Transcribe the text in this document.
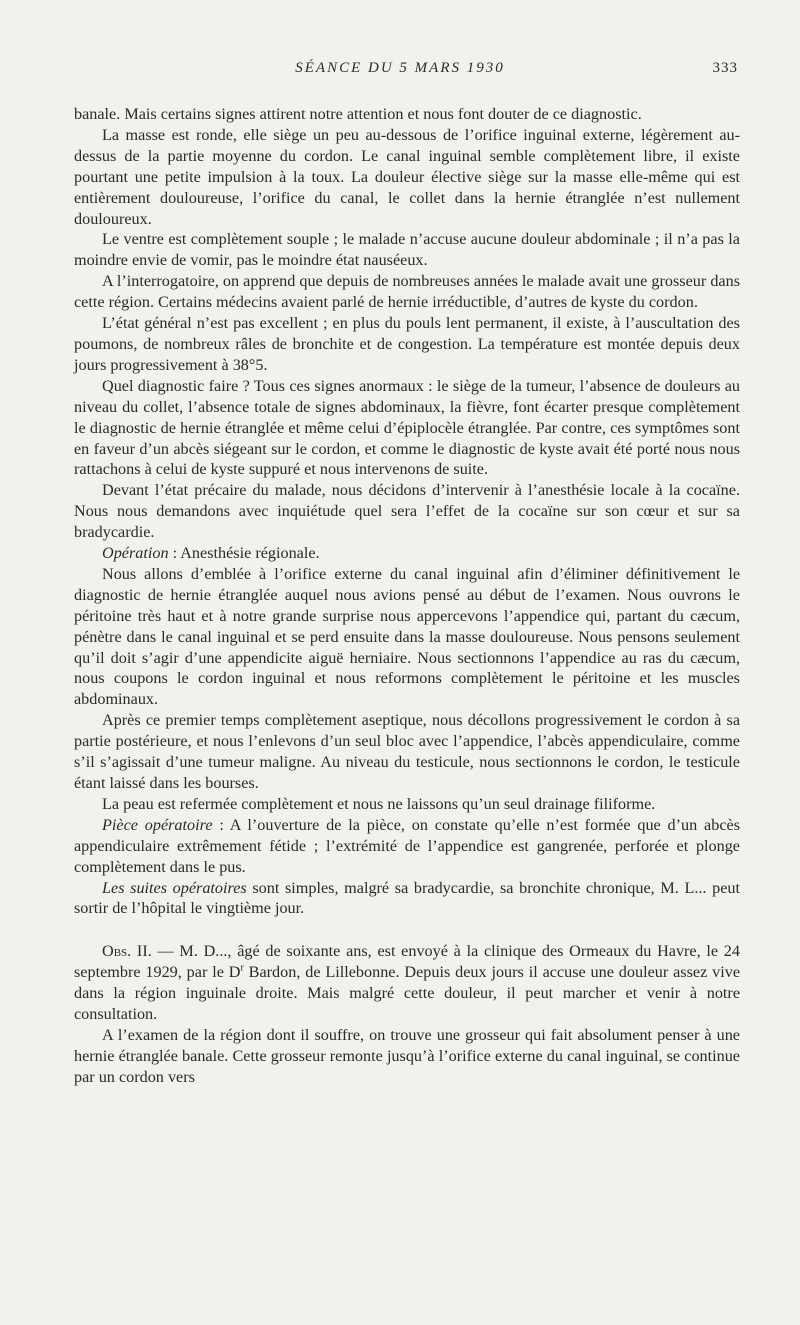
SÉANCE DU 5 MARS 1930	333

banale. Mais certains signes attirent notre attention et nous font douter de ce diagnostic.

La masse est ronde, elle siège un peu au-dessous de l’orifice inguinal externe, légèrement au-dessus de la partie moyenne du cordon. Le canal inguinal semble complètement libre, il existe pourtant une petite impulsion à la toux. La douleur élective siège sur la masse elle-même qui est entièrement douloureuse, l’orifice du canal, le collet dans la hernie étranglée n’est nullement douloureux.

Le ventre est complètement souple ; le malade n’accuse aucune douleur abdominale ; il n’a pas la moindre envie de vomir, pas le moindre état nauséeux.

A l’interrogatoire, on apprend que depuis de nombreuses années le malade avait une grosseur dans cette région. Certains médecins avaient parlé de hernie irréductible, d’autres de kyste du cordon.

L’état général n’est pas excellent ; en plus du pouls lent permanent, il existe, à l’auscultation des poumons, de nombreux râles de bronchite et de congestion. La température est montée depuis deux jours progressivement à 38°5.

Quel diagnostic faire ? Tous ces signes anormaux : le siège de la tumeur, l’absence de douleurs au niveau du collet, l’absence totale de signes abdominaux, la fièvre, font écarter presque complètement le diagnostic de hernie étranglée et même celui d’épiplocèle étranglée. Par contre, ces symptômes sont en faveur d’un abcès siégeant sur le cordon, et comme le diagnostic de kyste avait été porté nous nous rattachons à celui de kyste suppuré et nous intervenons de suite.

Devant l’état précaire du malade, nous décidons d’intervenir à l’anesthésie locale à la cocaïne. Nous nous demandons avec inquiétude quel sera l’effet de la cocaïne sur son cœur et sur sa bradycardie.

Opération : Anesthésie régionale.

Nous allons d’emblée à l’orifice externe du canal inguinal afin d’éliminer définitivement le diagnostic de hernie étranglée auquel nous avions pensé au début de l’examen. Nous ouvrons le péritoine très haut et à notre grande surprise nous appercevons l’appendice qui, partant du cæcum, pénètre dans le canal inguinal et se perd ensuite dans la masse douloureuse. Nous pensons seulement qu’il doit s’agir d’une appendicite aiguë herniaire. Nous sectionnons l’appendice au ras du cæcum, nous coupons le cordon inguinal et nous reformons complètement le péritoine et les muscles abdominaux.

Après ce premier temps complètement aseptique, nous décollons progressivement le cordon à sa partie postérieure, et nous l’enlevons d’un seul bloc avec l’appendice, l’abcès appendiculaire, comme s’il s’agissait d’une tumeur maligne. Au niveau du testicule, nous sectionnons le cordon, le testicule étant laissé dans les bourses.

La peau est refermée complètement et nous ne laissons qu’un seul drainage filiforme.

Pièce opératoire : A l’ouverture de la pièce, on constate qu’elle n’est formée que d’un abcès appendiculaire extrêmement fétide ; l’extrémité de l’appendice est gangrenée, perforée et plonge complètement dans le pus.

Les suites opératoires sont simples, malgré sa bradycardie, sa bronchite chronique, M. L... peut sortir de l’hôpital le vingtième jour.

Obs. II. — M. D..., âgé de soixante ans, est envoyé à la clinique des Ormeaux du Havre, le 24 septembre 1929, par le $D^r$ Bardon, de Lillebonne. Depuis deux jours il accuse une douleur assez vive dans la région inguinale droite. Mais malgré cette douleur, il peut marcher et venir à notre consultation.

A l’examen de la région dont il souffre, on trouve une grosseur qui fait absolument penser à une hernie étranglée banale. Cette grosseur remonte jusqu’à l’orifice externe du canal inguinal, se continue par un cordon vers
